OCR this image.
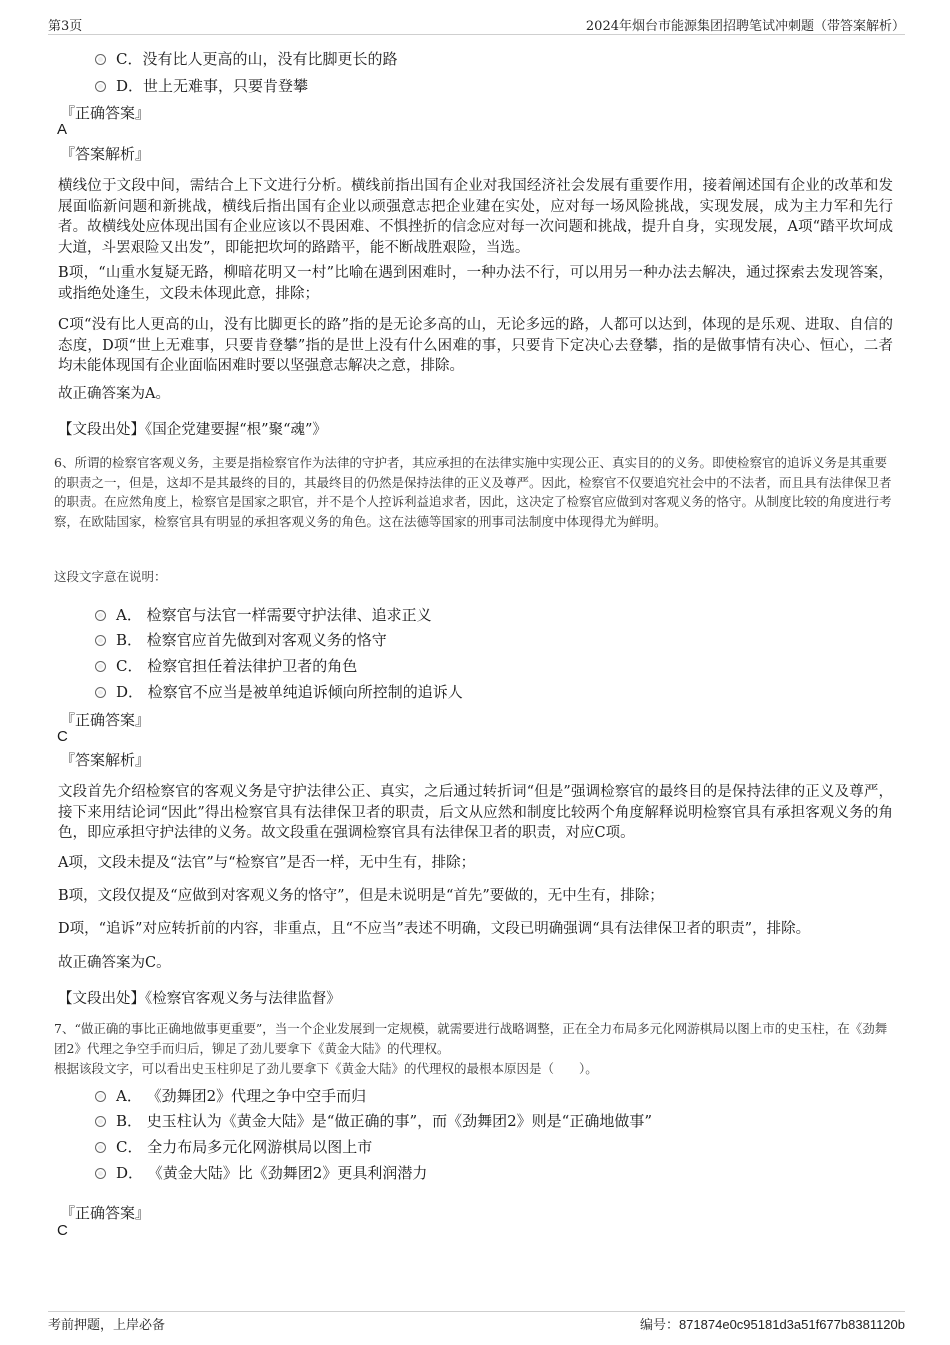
第3页	2024年烟台市能源集团招聘笔试冲刺题（带答案解析）
C．没有比人更高的山，没有比脚更长的路
D．世上无难事，只要肯登攀
『正确答案』
A
『答案解析』
横线位于文段中间，需结合上下文进行分析。横线前指出国有企业对我国经济社会发展有重要作用，接着阐述国有企业的改革和发展面临新问题和新挑战，横线后指出国有企业以顽强意志把企业建在实处，应对每一场风险挑战，实现发展，成为主力军和先行者。故横线处应体现出国有企业应该以不畏困难、不惧挫折的信念应对每一次问题和挑战，提升自身，实现发展，A项“踏平坎坷成大道，斗罢艰险又出发”，即能把坎坷的路踏平，能不断战胜艰险，当选。
B项，“山重水复疑无路，柳暗花明又一村”比喻在遇到困难时，一种办法不行，可以用另一种办法去解决，通过探索去发现答案，或指绝处逢生，文段未体现此意，排除；
C项“没有比人更高的山，没有比脚更长的路”指的是无论多高的山，无论多远的路，人都可以达到，体现的是乐观、进取、自信的态度，D项“世上无难事，只要肯登攀”指的是世上没有什么困难的事，只要肯下定决心去登攀，指的是做事情有决心、恒心，二者均未能体现国有企业面临困难时要以坚强意志解决之意，排除。
故正确答案为A。
【文段出处】《国企党建要握“根”聚“魂”》
6、所谓的检察官客观义务，主要是指检察官作为法律的守护者，其应承担的在法律实施中实现公正、真实目的的义务。即使检察官的追诉义务是其重要的职责之一，但是，这却不是其最终的目的，其最终目的仍然是保持法律的正义及尊严。因此，检察官不仅要追究社会中的不法者，而且具有法律保卫者的职责。在应然角度上，检察官是国家之职官，并不是个人控诉利益追求者，因此，这决定了检察官应做到对客观义务的恪守。从制度比较的角度进行考察，在欧陆国家，检察官具有明显的承担客观义务的角色。这在法德等国家的刑事司法制度中体现得尤为鲜明。
这段文字意在说明：
A． 检察官与法官一样需要守护法律、追求正义
B． 检察官应首先做到对客观义务的恪守
C． 检察官担任着法律护卫者的角色
D． 检察官不应当是被单纯追诉倾向所控制的追诉人
『正确答案』
C
『答案解析』
文段首先介绍检察官的客观义务是守护法律公正、真实，之后通过转折词“但是”强调检察官的最终目的是保持法律的正义及尊严，接下来用结论词“因此”得出检察官具有法律保卫者的职责，后文从应然和制度比较两个角度解释说明检察官具有承担客观义务的角色，即应承担守护法律的义务。故文段重在强调检察官具有法律保卫者的职责，对应C项。
A项，文段未提及“法官”与“检察官”是否一样，无中生有，排除；
B项，文段仅提及“应做到对客观义务的恪守”，但是未说明是“首先”要做的，无中生有，排除；
D项，“追诉”对应转折前的内容，非重点，且“不应当”表述不明确，文段已明确强调“具有法律保卫者的职责”，排除。
故正确答案为C。
【文段出处】《检察官客观义务与法律监督》
7、“做正确的事比正确地做事更重要”，当一个企业发展到一定规模，就需要进行战略调整，正在全力布局多元化网游棋局以图上市的史玉柱，在《劲舞团2》代理之争空手而归后，铆足了劲儿要拿下《黄金大陆》的代理权。
根据该段文字，可以看出史玉柱卯足了劲儿要拿下《黄金大陆》的代理权的最根本原因是（　　）。
A． 《劲舞团2》代理之争中空手而归
B． 史玉柱认为《黄金大陆》是“做正确的事”，而《劲舞团2》则是“正确地做事”
C． 全力布局多元化网游棋局以图上市
D． 《黄金大陆》比《劲舞团2》更具利润潜力
『正确答案』
C
考前押题，上岸必备	编号：871874e0c95181d3a51f677b8381120b
